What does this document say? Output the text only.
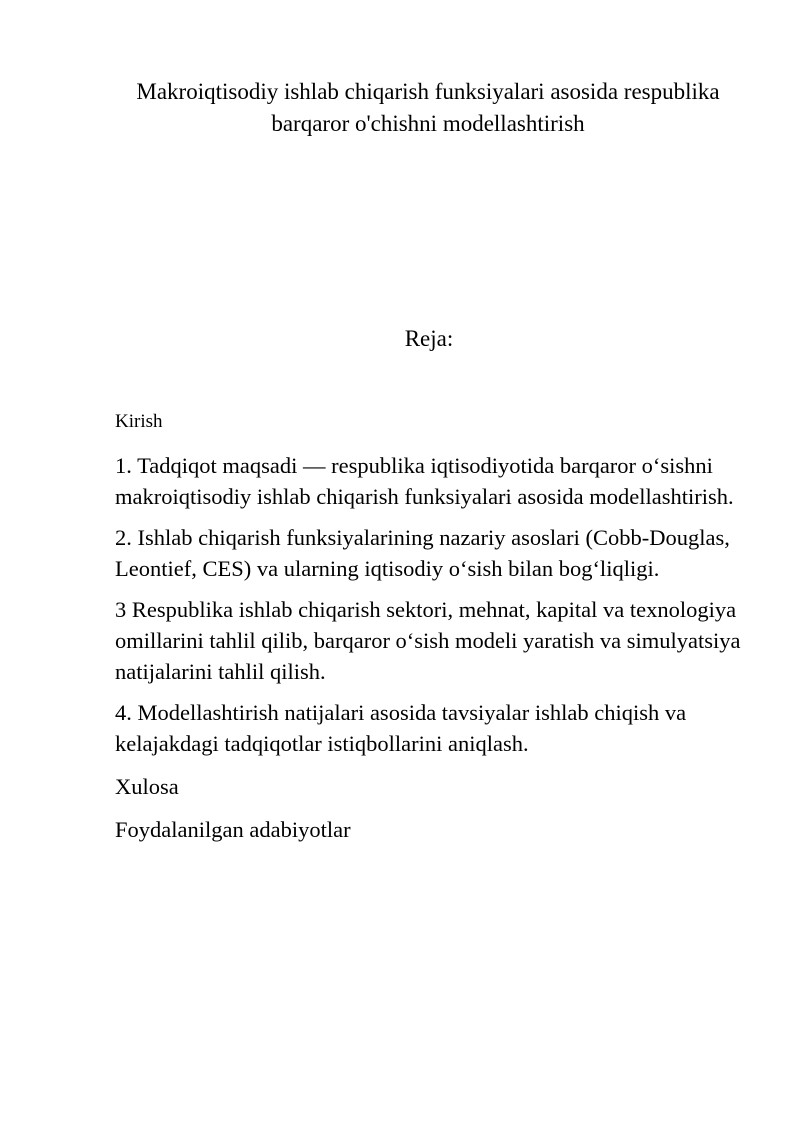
Makroiqtisodiy ishlab chiqarish funksiyalari asosida respublika barqaror o'chishni modellashtirish
Reja:

Kirish

1. Tadqiqot maqsadi — respublika iqtisodiyotida barqaror o‘sishni makroiqtisodiy ishlab chiqarish funksiyalari asosida modellashtirish.

2. Ishlab chiqarish funksiyalarining nazariy asoslari (Cobb-Douglas, Leontief, CES) va ularning iqtisodiy o‘sish bilan bog‘liqligi.

3 Respublika ishlab chiqarish sektori, mehnat, kapital va texnologiya omillarini tahlil qilib, barqaror o‘sish modeli yaratish va simulyatsiya natijalarini tahlil qilish.

4. Modellashtirish natijalari asosida tavsiyalar ishlab chiqish va kelajakdagi tadqiqotlar istiqbollarini aniqlash.

Xulosa

Foydalanilgan adabiyotlar
